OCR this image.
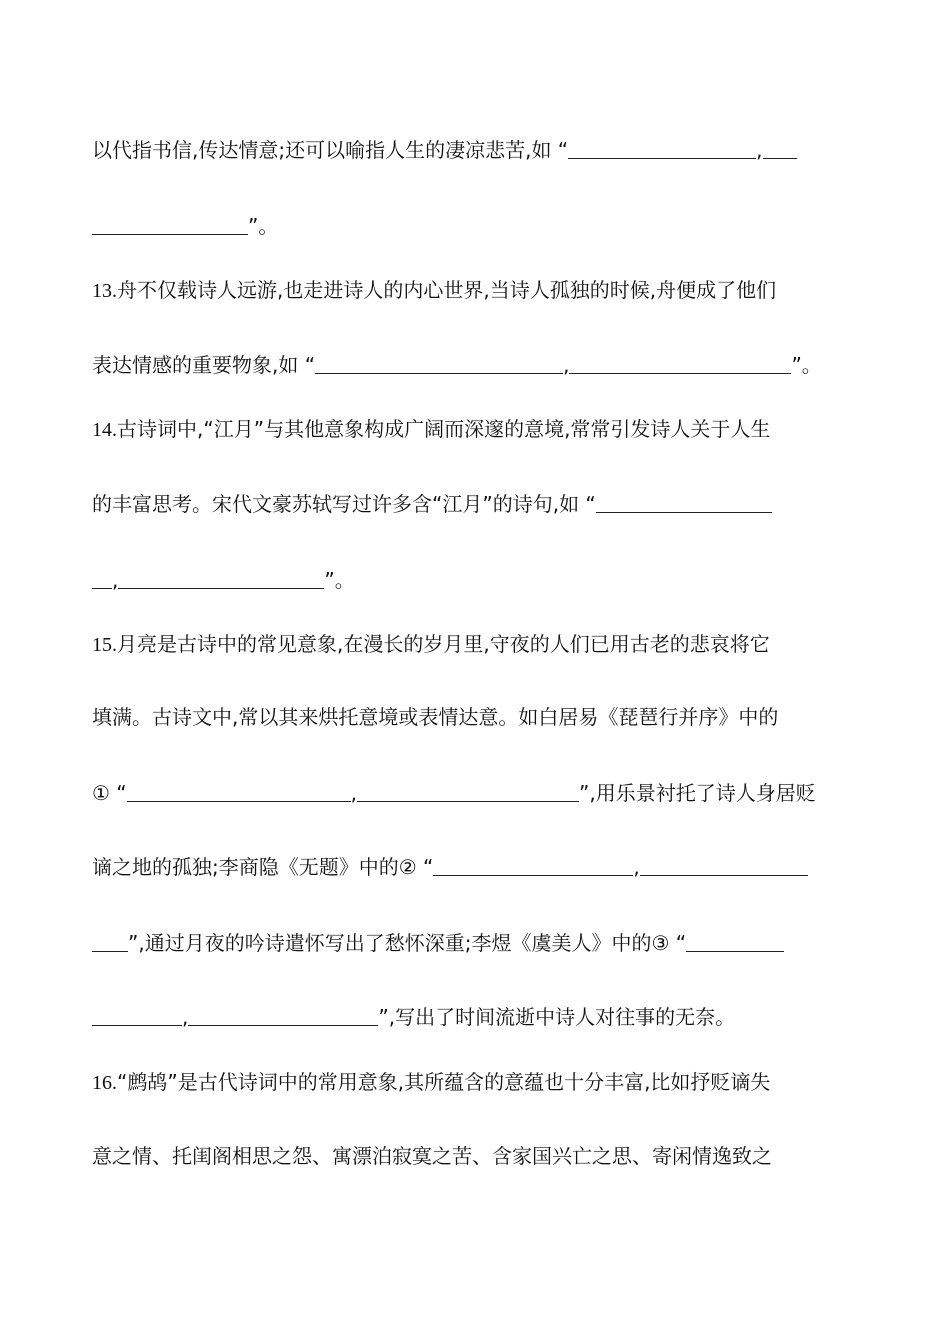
以代指书信,传达情意;还可以喻指人生的凄凉悲苦,如 “	,
”。
13.舟不仅载诗人远游,也走进诗人的内心世界,当诗人孤独的时候,舟便成了他们
表达情感的重要物象,如 “	,	”。
14.古诗词中,“江月”与其他意象构成广阔而深邃的意境,常常引发诗人关于人生
的丰富思考。宋代文豪苏轼写过许多含“江月”的诗句,如 “
,	”。
15.月亮是古诗中的常见意象,在漫长的岁月里,守夜的人们已用古老的悲哀将它
填满。古诗文中,常以其来烘托意境或表情达意。如白居易《琵琶行并序》中的
① “	,	”,用乐景衬托了诗人身居贬
谪之地的孤独;李商隐《无题》中的② “	,
”,通过月夜的吟诗遣怀写出了愁怀深重;李煜《虞美人》中的③ “
,	”,写出了时间流逝中诗人对往事的无奈。
16.“鹧鸪”是古代诗词中的常用意象,其所蕴含的意蕴也十分丰富,比如抒贬谪失
意之情、托闺阁相思之怨、寓漂泊寂寞之苦、含家国兴亡之思、寄闲情逸致之
